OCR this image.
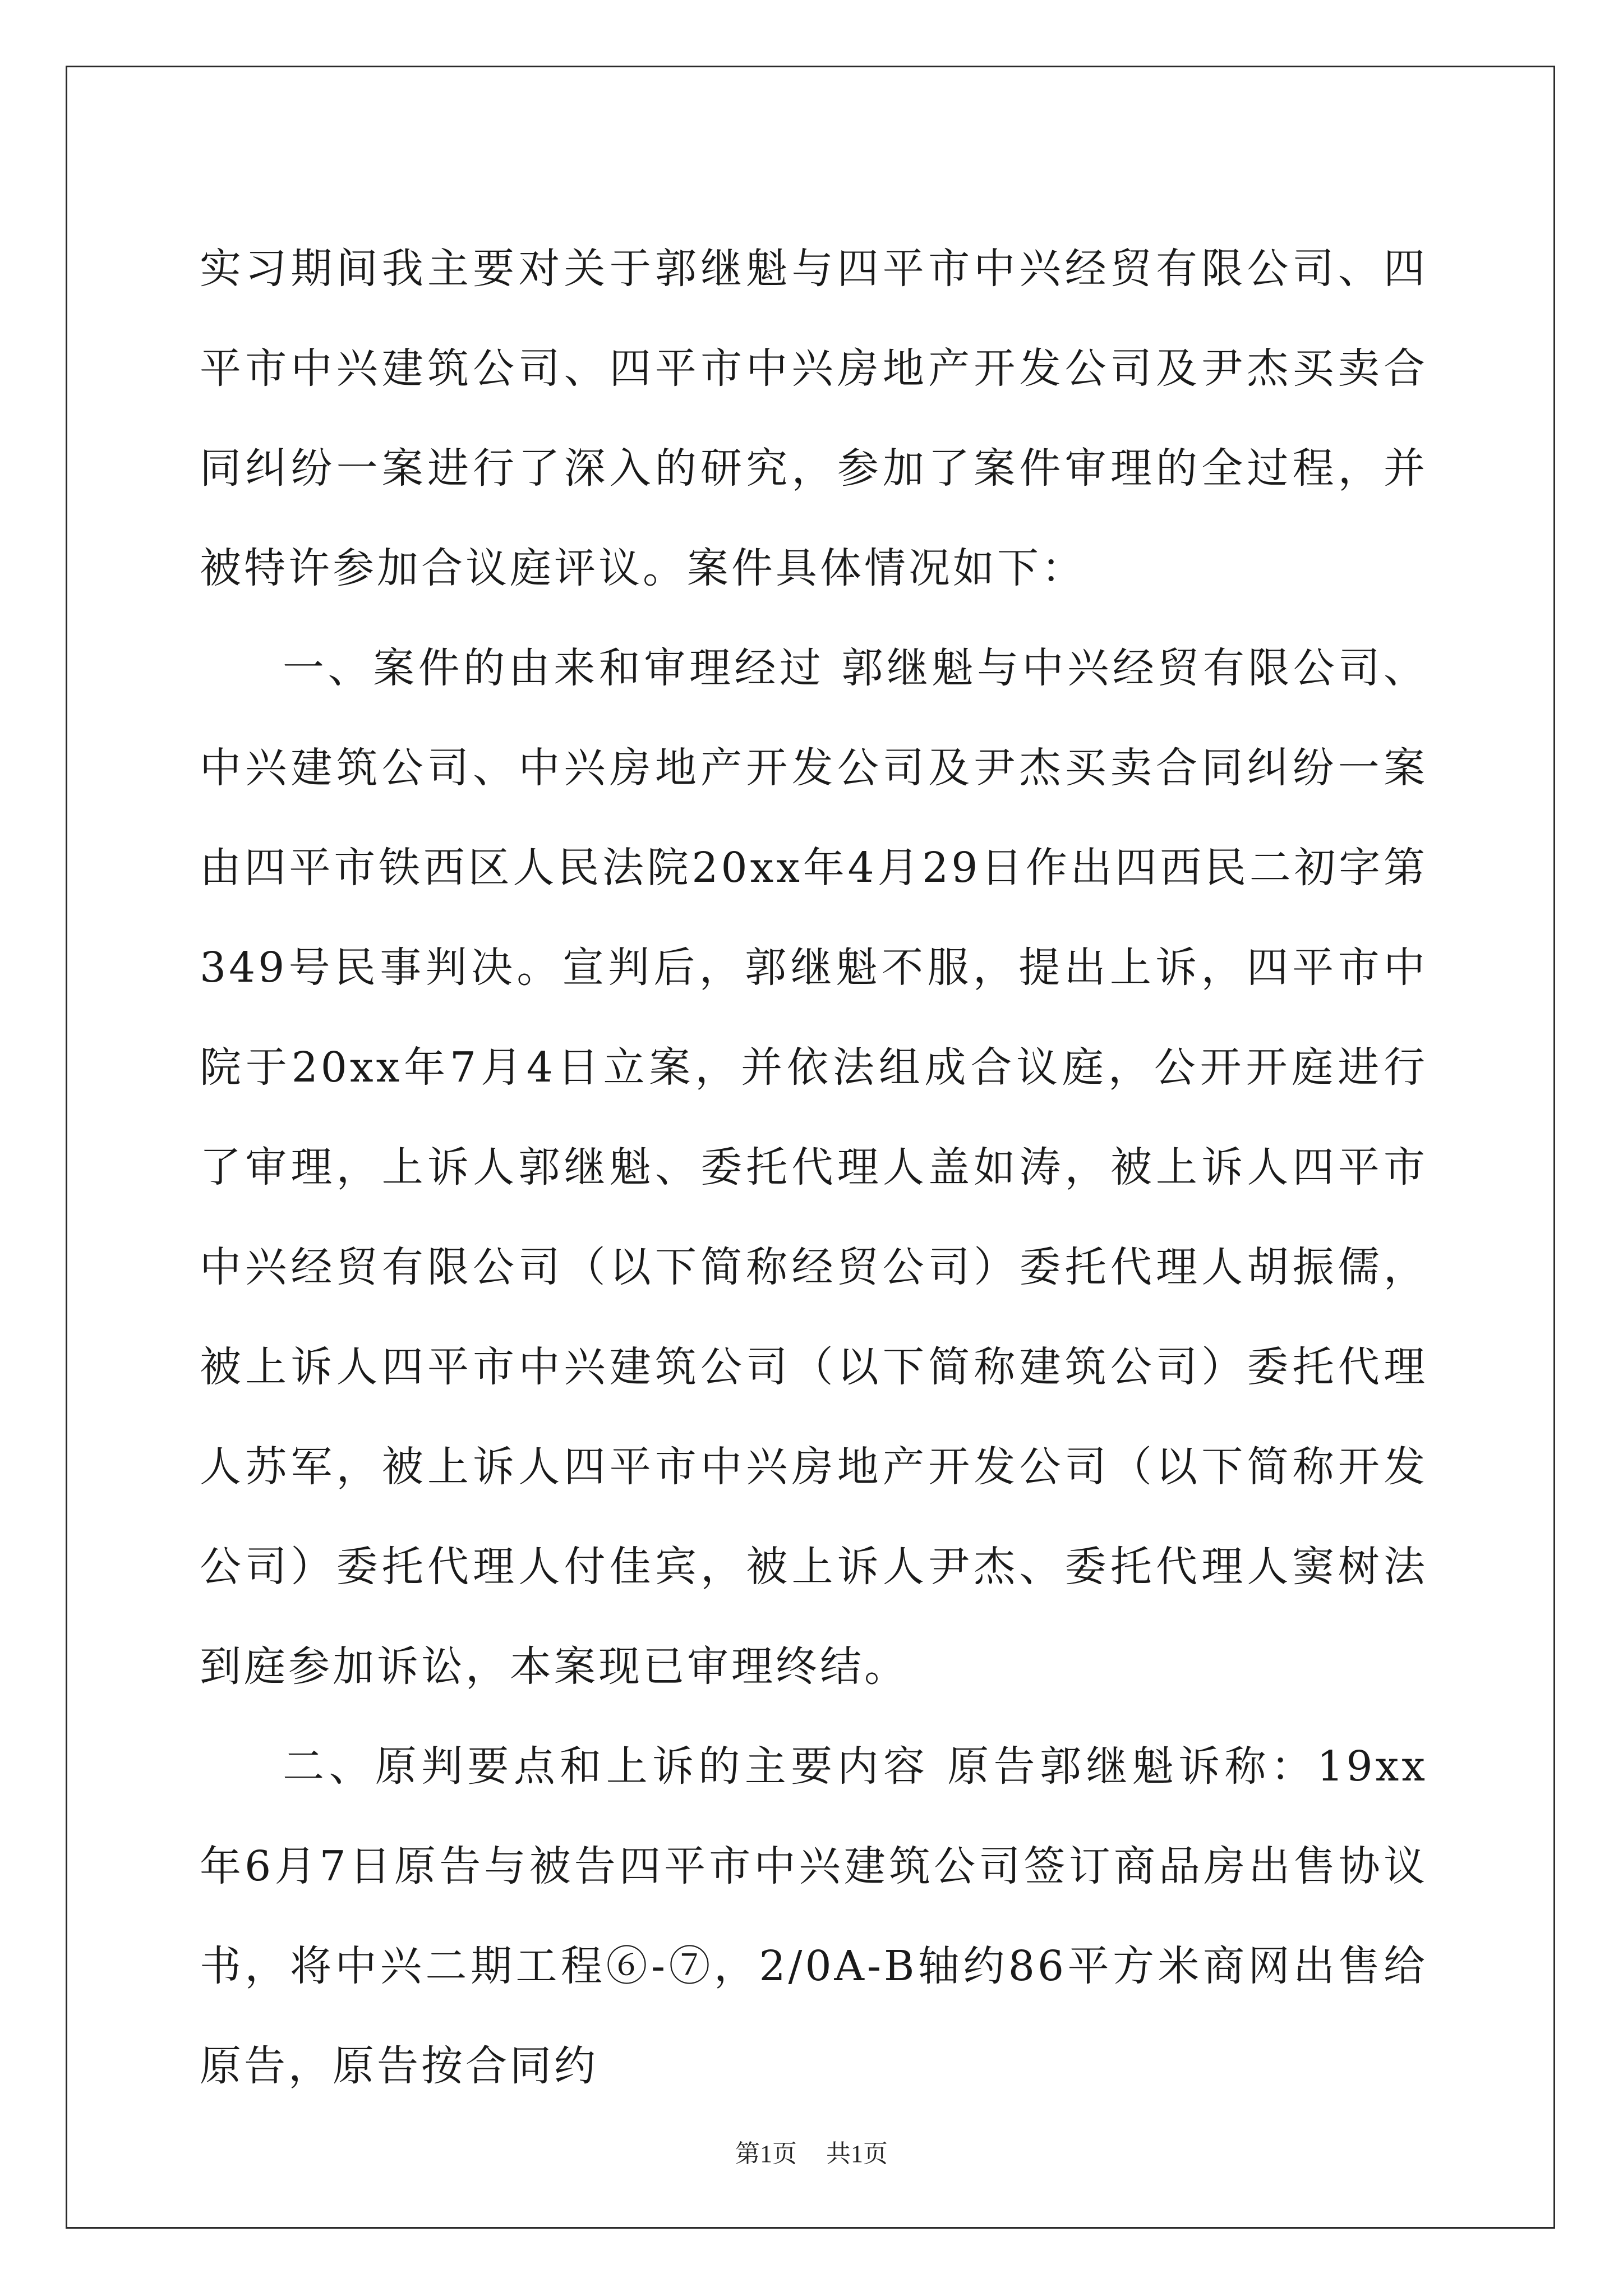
实习期间我主要对关于郭继魁与四平市中兴经贸有限公司、四平市中兴建筑公司、四平市中兴房地产开发公司及尹杰买卖合同纠纷一案进行了深入的研究，参加了案件审理的全过程，并被特许参加合议庭评议。案件具体情况如下：

一、案件的由来和审理经过 郭继魁与中兴经贸有限公司、中兴建筑公司、中兴房地产开发公司及尹杰买卖合同纠纷一案由四平市铁西区人民法院20xx年4月29日作出四西民二初字第349号民事判决。宣判后，郭继魁不服，提出上诉，四平市中院于20xx年7月4日立案，并依法组成合议庭，公开开庭进行了审理，上诉人郭继魁、委托代理人盖如涛，被上诉人四平市中兴经贸有限公司（以下简称经贸公司）委托代理人胡振儒，被上诉人四平市中兴建筑公司（以下简称建筑公司）委托代理人苏军，被上诉人四平市中兴房地产开发公司（以下简称开发公司）委托代理人付佳宾，被上诉人尹杰、委托代理人窦树法到庭参加诉讼，本案现已审理终结。

二、原判要点和上诉的主要内容 原告郭继魁诉称：19xx年6月7日原告与被告四平市中兴建筑公司签订商品房出售协议书，将中兴二期工程⑥-⑦，2/0A-B轴约86平方米商网出售给原告，原告按合同约

第1页 共1页
